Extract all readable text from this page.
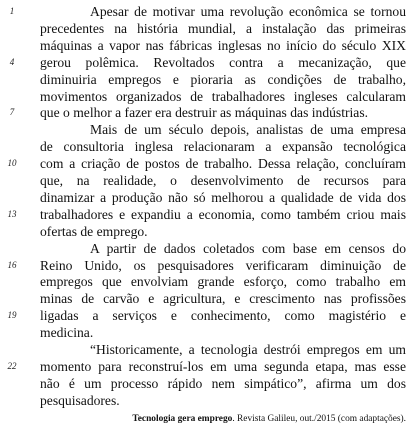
1	Apesar de motivar uma revolução econômica se tornou
precedentes na história mundial, a instalação das primeiras
máquinas a vapor nas fábricas inglesas no início do século XIX
4	gerou polêmica. Revoltados contra a mecanização, que
diminuiria empregos e pioraria as condições de trabalho,
movimentos organizados de trabalhadores ingleses calcularam
7	que o melhor a fazer era destruir as máquinas das indústrias.
Mais de um século depois, analistas de uma empresa
de consultoria inglesa relacionaram a expansão tecnológica
10	com a criação de postos de trabalho. Dessa relação, concluíram
que, na realidade, o desenvolvimento de recursos para
dinamizar a produção não só melhorou a qualidade de vida dos
13	trabalhadores e expandiu a economia, como também criou mais
ofertas de emprego.
A partir de dados coletados com base em censos do
16	Reino Unido, os pesquisadores verificaram diminuição de
empregos que envolviam grande esforço, como trabalho em
minas de carvão e agricultura, e crescimento nas profissões
19	ligadas a serviços e conhecimento, como magistério e
medicina.
“Historicamente, a tecnologia destrói empregos em um
22	momento para reconstruí-los em uma segunda etapa, mas esse
não é um processo rápido nem simpático”, afirma um dos
pesquisadores.
Tecnologia gera emprego. Revista Galileu, out./2015 (com adaptações).
